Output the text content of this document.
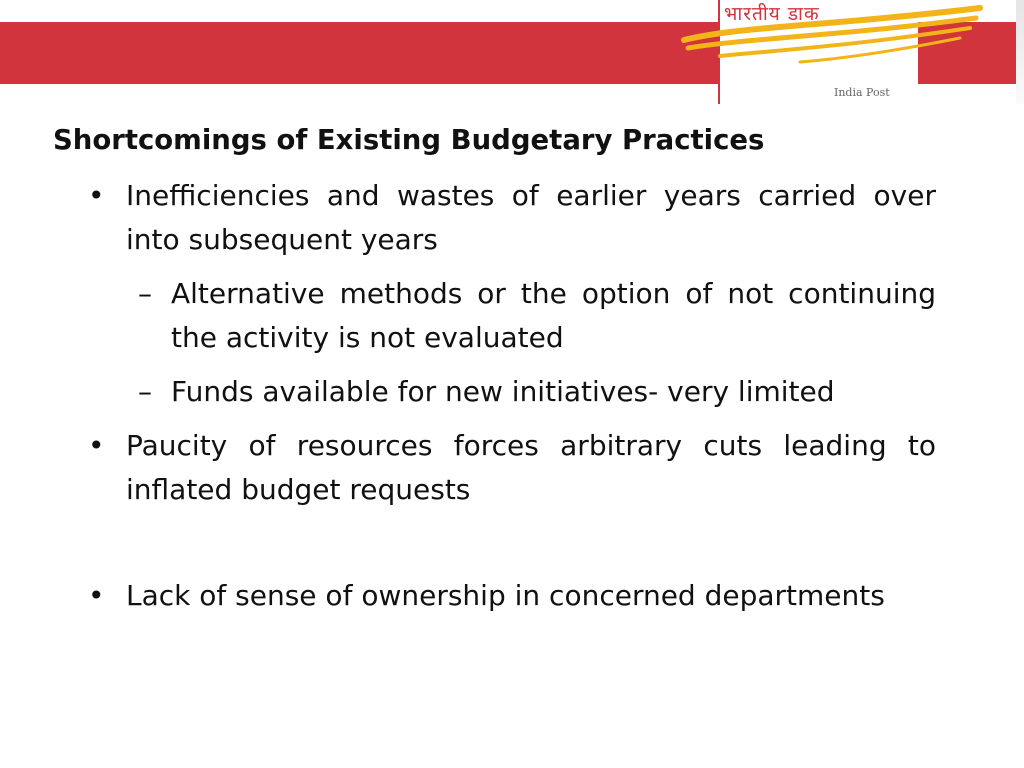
भारतीय डाक
India Post
Shortcomings of Existing Budgetary Practices
• Inefficiencies and wastes of earlier years carried over into subsequent years
– Alternative methods or the option of not continuing the activity is not evaluated
– Funds available for new initiatives- very limited
• Paucity of resources forces arbitrary cuts leading to inflated budget requests
• Lack of sense of ownership in concerned departments
